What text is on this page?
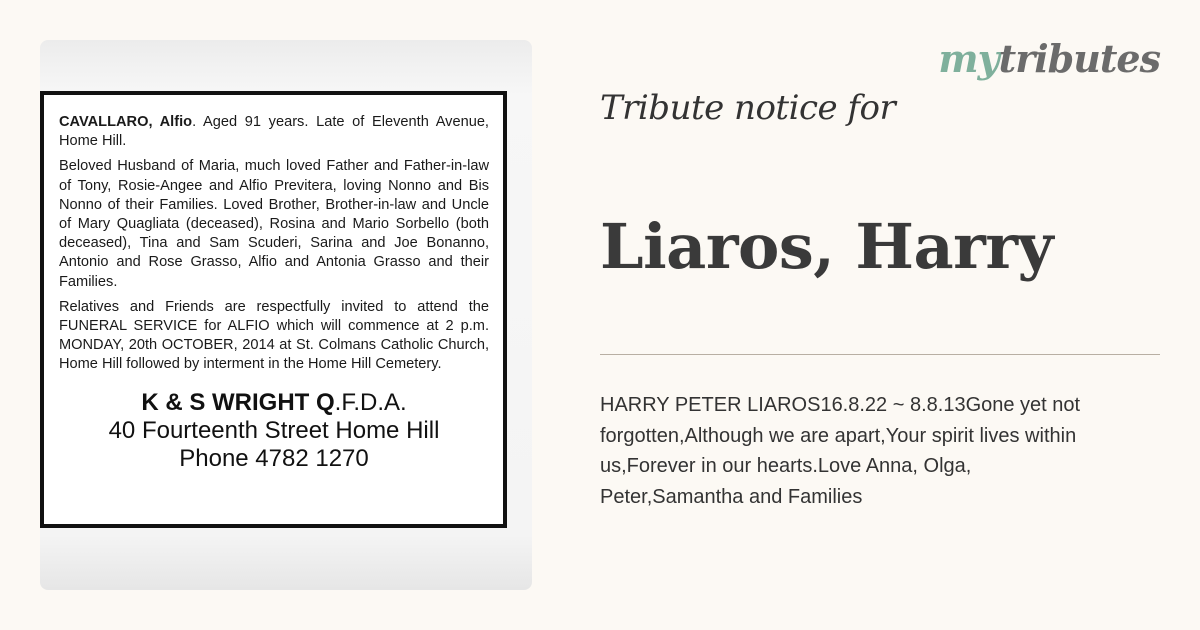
CAVALLARO, Alfio. Aged 91 years. Late of Eleventh Avenue, Home Hill.

Beloved Husband of Maria, much loved Father and Father-in-law of Tony, Rosie-Angee and Alfio Previtera, loving Nonno and Bis Nonno of their Families. Loved Brother, Brother-in-law and Uncle of Mary Quagliata (deceased), Rosina and Mario Sorbello (both deceased), Tina and Sam Scuderi, Sarina and Joe Bonanno, Antonio and Rose Grasso, Alfio and Antonia Grasso and their Families.

Relatives and Friends are respectfully invited to attend the FUNERAL SERVICE for ALFIO which will commence at 2 p.m. MONDAY, 20th OCTOBER, 2014 at St. Colmans Catholic Church, Home Hill followed by interment in the Home Hill Cemetery.

K & S WRIGHT Q.F.D.A.
40 Fourteenth Street Home Hill
Phone 4782 1270
mytributes
Tribute notice for
Liaros, Harry
HARRY PETER LIAROS16.8.22 ~ 8.8.13Gone yet not forgotten,Although we are apart,Your spirit lives within us,Forever in our hearts.Love Anna, Olga, Peter,Samantha and Families
